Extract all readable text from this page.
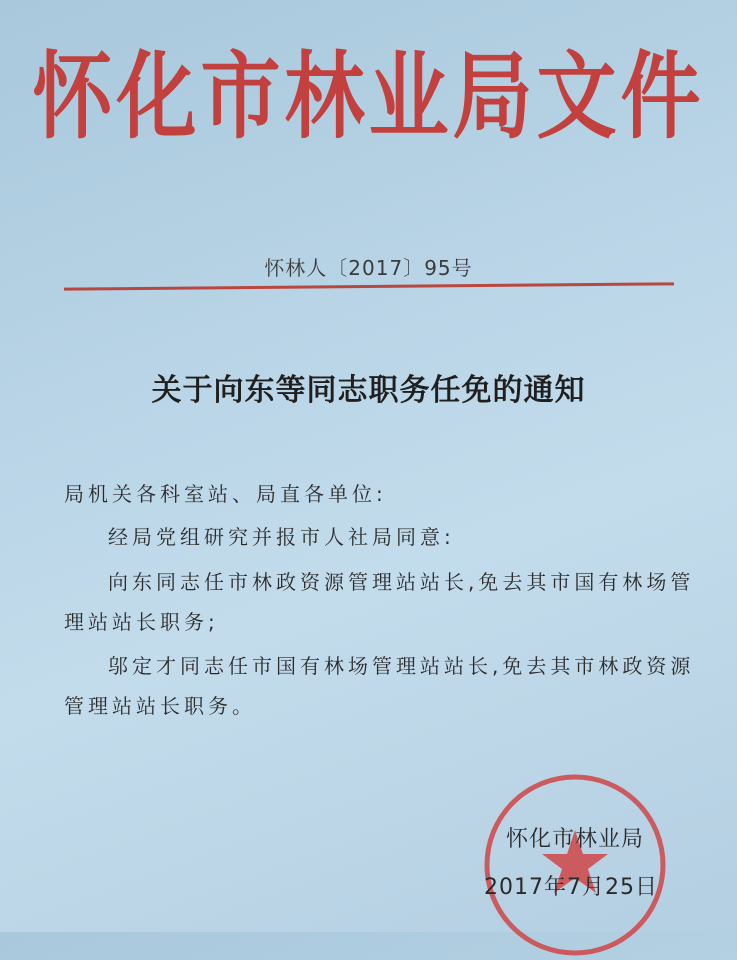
怀化市林业局文件
怀林人〔2017〕95号
关于向东等同志职务任免的通知
局机关各科室站、局直各单位:
经局党组研究并报市人社局同意:
向东同志任市林政资源管理站站长,免去其市国有林场管理站站长职务;
邬定才同志任市国有林场管理站站长,免去其市林政资源管理站站长职务。
怀化市林业局
2017年7月25日
